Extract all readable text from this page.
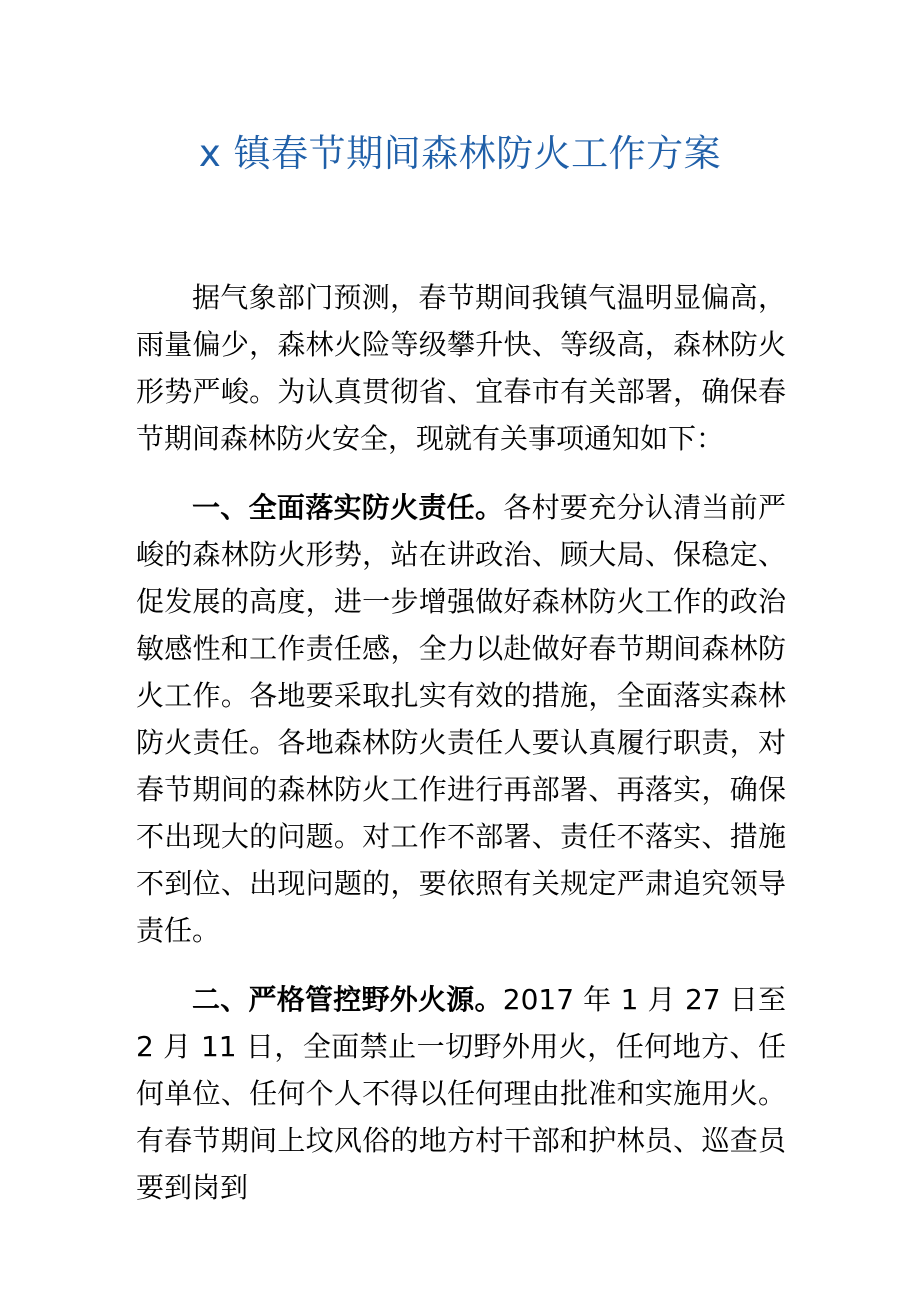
x 镇春节期间森林防火工作方案

据气象部门预测，春节期间我镇气温明显偏高，雨量偏少，森林火险等级攀升快、等级高，森林防火形势严峻。为认真贯彻省、宜春市有关部署，确保春节期间森林防火安全，现就有关事项通知如下：

一、全面落实防火责任。各村要充分认清当前严峻的森林防火形势，站在讲政治、顾大局、保稳定、促发展的高度，进一步增强做好森林防火工作的政治敏感性和工作责任感，全力以赴做好春节期间森林防火工作。各地要采取扎实有效的措施，全面落实森林防火责任。各地森林防火责任人要认真履行职责，对春节期间的森林防火工作进行再部署、再落实，确保不出现大的问题。对工作不部署、责任不落实、措施不到位、出现问题的，要依照有关规定严肃追究领导责任。

二、严格管控野外火源。2017 年 1 月 27 日至 2 月 11 日，全面禁止一切野外用火，任何地方、任何单位、任何个人不得以任何理由批准和实施用火。有春节期间上坟风俗的地方村干部和护林员、巡查员要到岗到
